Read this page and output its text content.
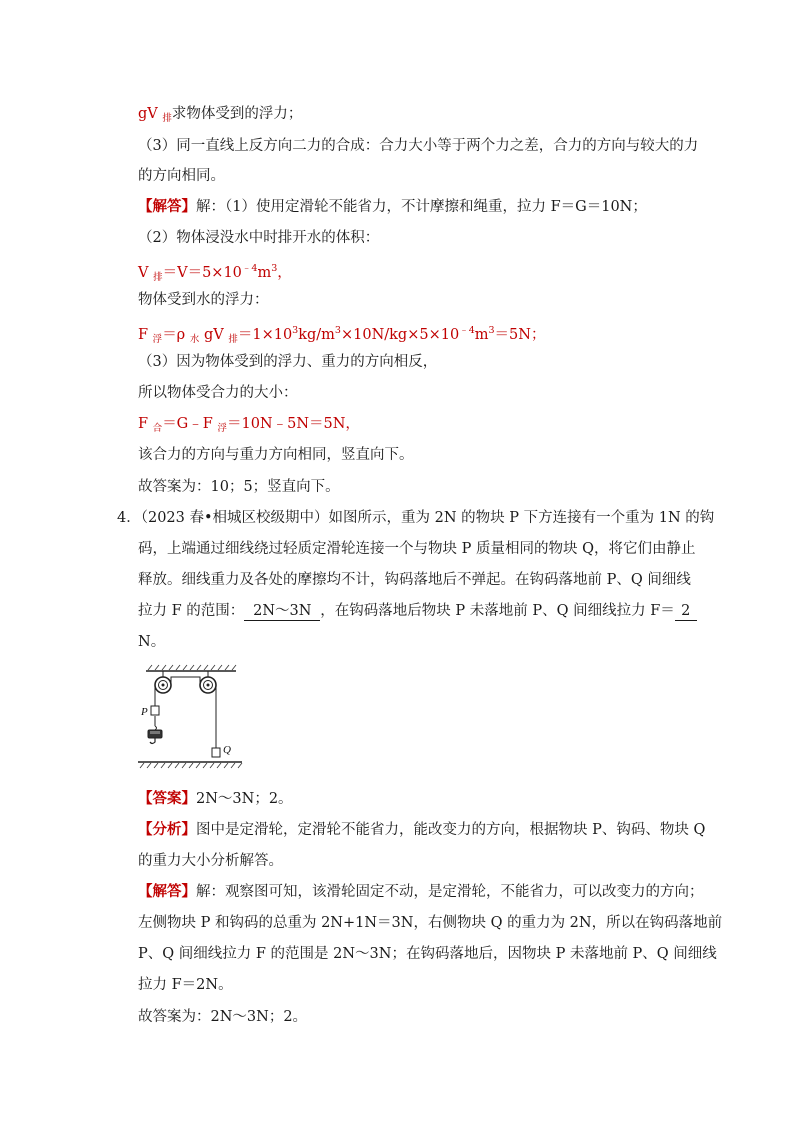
gV $_排$求物体受到的浮力；
（3）同一直线上反方向二力的合成：合力大小等于两个力之差，合力的方向与较大的力
的方向相同。
【解答】解：（1）使用定滑轮不能省力，不计摩擦和绳重，拉力 F＝G＝10N；
（2）物体浸没水中时排开水的体积：
V $_排=V=5\times 10^{﹣4}m^3$，
物体受到水的浮力：
F $_浮$＝ρ $_水$ gV $_排=1\times 10^3kg/m^3\times 10N/kg\times 5\times 10^{﹣4}m^3=5N$；
（3）因为物体受到的浮力、重力的方向相反，
所以物体受合力的大小：
F $_合$＝G﹣F $_浮$＝10N﹣5N＝5N，
该合力的方向与重力方向相同，竖直向下。
故答案为：10；5；竖直向下。
4．（2023 春•相城区校级期中）如图所示，重为 2N 的物块 P 下方连接有一个重为 1N 的钩
码，上端通过细线绕过轻质定滑轮连接一个与物块 P 质量相同的物块 Q，将它们由静止
释放。细线重力及各处的摩擦均不计，钩码落地后不弹起。在钩码落地前 P、Q 间细线
拉力 F 的范围： 2N～3N ，在钩码落地后物块 P 未落地前 P、Q 间细线拉力 F＝ 2
N。
P
Q
【答案】2N～3N；2。
【分析】图中是定滑轮，定滑轮不能省力，能改变力的方向，根据物块 P、钩码、物块 Q
的重力大小分析解答。
【解答】解：观察图可知，该滑轮固定不动，是定滑轮，不能省力，可以改变力的方向；
左侧物块 P 和钩码的总重为 2N+1N＝3N，右侧物块 Q 的重力为 2N，所以在钩码落地前
P、Q 间细线拉力 F 的范围是 2N～3N；在钩码落地后，因物块 P 未落地前 P、Q 间细线
拉力 F＝2N。
故答案为：2N～3N；2。
